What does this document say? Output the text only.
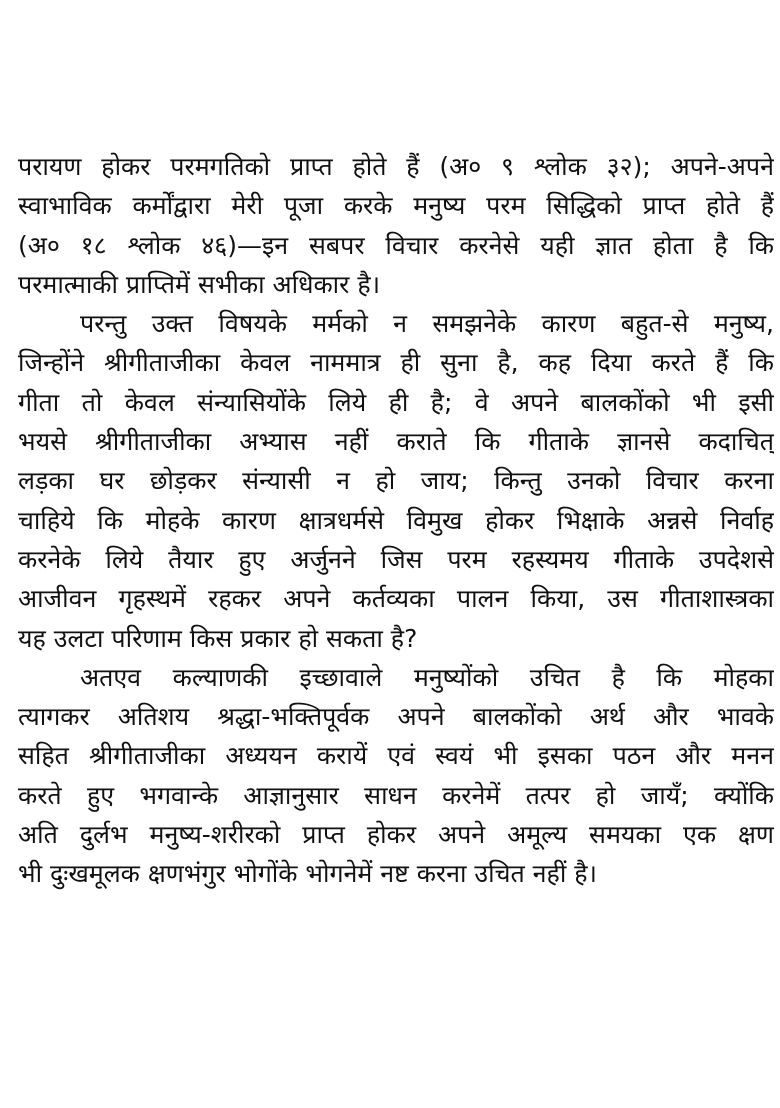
परायण होकर परमगतिको प्राप्त होते हैं (अ० ९ श्लोक ३२); अपने-अपने
स्वाभाविक कर्मोंद्वारा मेरी पूजा करके मनुष्य परम सिद्धिको प्राप्त होते हैं
(अ० १८ श्लोक ४६)—इन सबपर विचार करनेसे यही ज्ञात होता है कि
परमात्माकी प्राप्तिमें सभीका अधिकार है।
परन्तु उक्त विषयके मर्मको न समझनेके कारण बहुत-से मनुष्य,
जिन्होंने श्रीगीताजीका केवल नाममात्र ही सुना है, कह दिया करते हैं कि
गीता तो केवल संन्यासियोंके लिये ही है; वे अपने बालकोंको भी इसी
भयसे श्रीगीताजीका अभ्यास नहीं कराते कि गीताके ज्ञानसे कदाचित्
लड़का घर छोड़कर संन्यासी न हो जाय; किन्तु उनको विचार करना
चाहिये कि मोहके कारण क्षात्रधर्मसे विमुख होकर भिक्षाके अन्नसे निर्वाह
करनेके लिये तैयार हुए अर्जुनने जिस परम रहस्यमय गीताके उपदेशसे
आजीवन गृहस्थमें रहकर अपने कर्तव्यका पालन किया, उस गीताशास्त्रका
यह उलटा परिणाम किस प्रकार हो सकता है?
अतएव कल्याणकी इच्छावाले मनुष्योंको उचित है कि मोहका
त्यागकर अतिशय श्रद्धा-भक्तिपूर्वक अपने बालकोंको अर्थ और भावके
सहित श्रीगीताजीका अध्ययन करायें एवं स्वयं भी इसका पठन और मनन
करते हुए भगवान्के आज्ञानुसार साधन करनेमें तत्पर हो जायँ; क्योंकि
अति दुर्लभ मनुष्य-शरीरको प्राप्त होकर अपने अमूल्य समयका एक क्षण
भी दुःखमूलक क्षणभंगुर भोगोंके भोगनेमें नष्ट करना उचित नहीं है।
